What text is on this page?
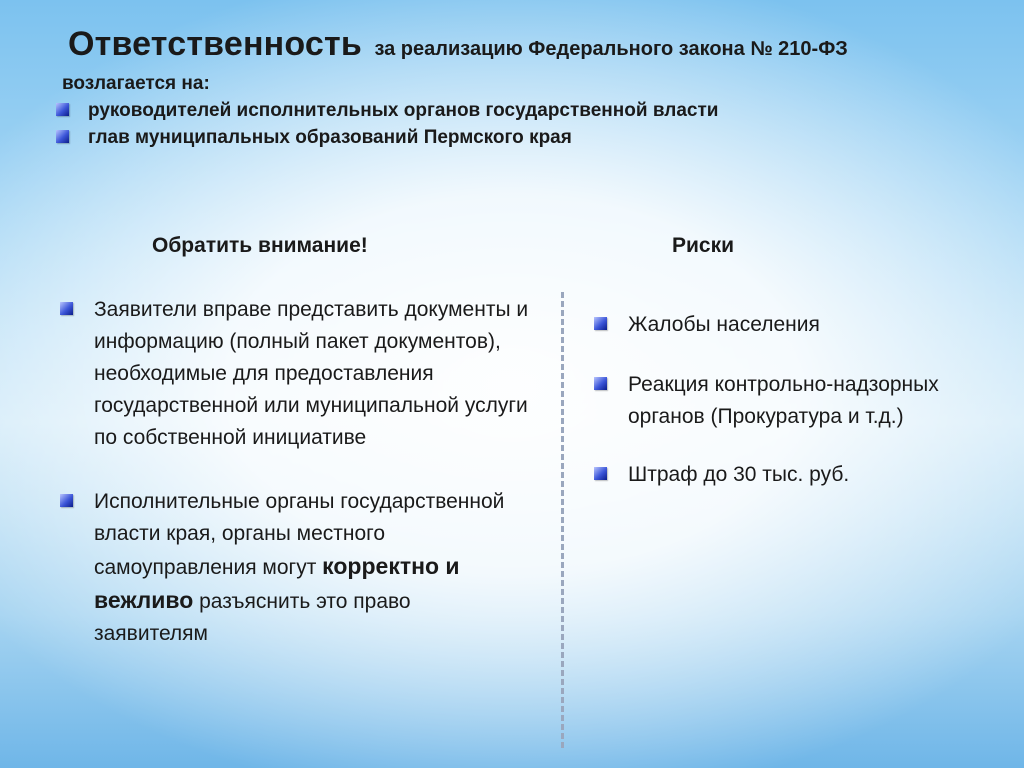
Ответственность за реализацию Федерального закона № 210-ФЗ
возлагается на:
руководителей исполнительных органов государственной власти
глав муниципальных образований Пермского края
Обратить внимание!	Риски
Заявители вправе представить документы и информацию (полный пакет документов), необходимые для предоставления государственной или муниципальной услуги по собственной инициативе
Исполнительные органы государственной власти края, органы местного самоуправления могут корректно и вежливо разъяснить это право заявителям
Жалобы населения
Реакция контрольно-надзорных органов (Прокуратура и т.д.)
Штраф до 30 тыс. руб.
